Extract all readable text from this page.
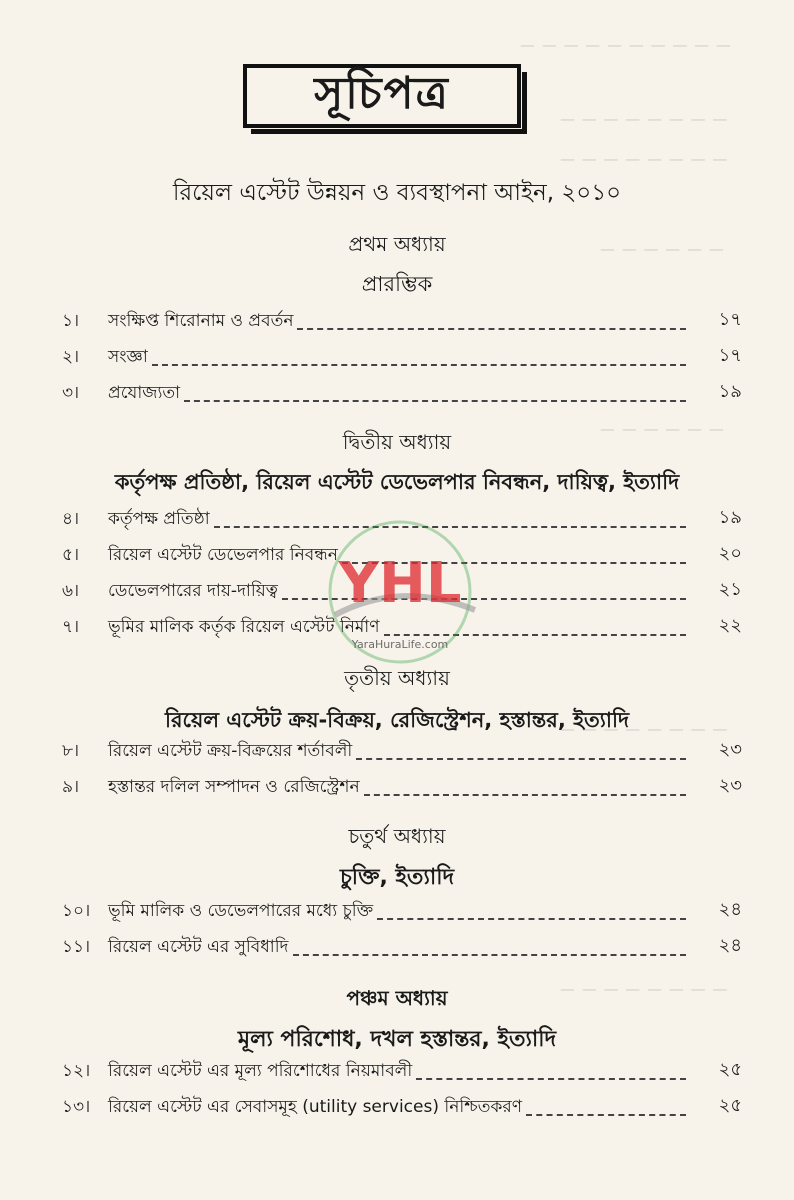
— — — — — — — — — —
— — — — — — — —
— — — — — — — —
— — — — — —
— — — — — —
— — — — — — — —
— — — — — — — —
সূচিপত্র
রিয়েল এস্টেট উন্নয়ন ও ব্যবস্থাপনা আইন, ২০১০
প্রথম অধ্যায়
প্রারম্ভিক
১।	সংক্ষিপ্ত শিরোনাম ও প্রবর্তন	১৭
২।	সংজ্ঞা	১৭
৩।	প্রযোজ্যতা	১৯
দ্বিতীয় অধ্যায়
কর্তৃপক্ষ প্রতিষ্ঠা, রিয়েল এস্টেট ডেভেলপার নিবন্ধন, দায়িত্ব, ইত্যাদি
৪।	কর্তৃপক্ষ প্রতিষ্ঠা	১৯
৫।	রিয়েল এস্টেট ডেভেলপার নিবন্ধন	২০
৬।	ডেভেলপারের দায়-দায়িত্ব	২১
৭।	ভূমির মালিক কর্তৃক রিয়েল এস্টেট নির্মাণ	২২
তৃতীয় অধ্যায়
রিয়েল এস্টেট ক্রয়-বিক্রয়, রেজিস্ট্রেশন, হস্তান্তর, ইত্যাদি
৮।	রিয়েল এস্টেট ক্রয়-বিক্রয়ের শর্তাবলী	২৩
৯।	হস্তান্তর দলিল সম্পাদন ও রেজিস্ট্রেশন	২৩
চতুর্থ অধ্যায়
চুক্তি, ইত্যাদি
১০।	ভূমি মালিক ও ডেভেলপারের মধ্যে চুক্তি	২৪
১১।	রিয়েল এস্টেট এর সুবিধাদি	২৪
পঞ্চম অধ্যায়
মূল্য পরিশোধ, দখল হস্তান্তর, ইত্যাদি
১২।	রিয়েল এস্টেট এর মূল্য পরিশোধের নিয়মাবলী	২৫
১৩।	রিয়েল এস্টেট এর সেবাসমূহ (utility services) নিশ্চিতকরণ	২৫
YHL
YaraHuraLife.com
